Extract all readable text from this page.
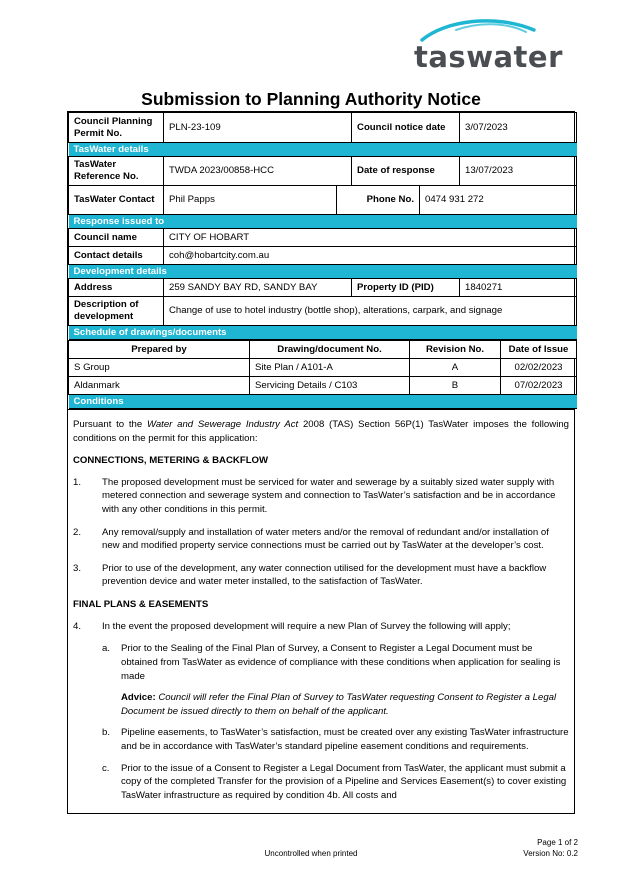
taswater
Submission to Planning Authority Notice
Council Planning Permit No.	PLN-23-109		Council notice date		3/07/2023
TasWater details					
TasWater Reference No.	TWDA 2023/00858-HCC		Date of response		13/07/2023
TasWater Contact	Phil Papps	Phone No.		0474 931 272	
Response issued to					
Council name	CITY OF HOBART				
Contact details	coh@hobartcity.com.au				
Development details					
Address	259 SANDY BAY RD, SANDY BAY		Property ID (PID)		1840271
Description of development	Change of use to hotel industry (bottle shop), alterations, carpark, and signage				
Schedule of drawings/documents					
Prepared by	Drawing/document No.	Revision No.	Date of Issue
S Group	Site Plan / A101-A	A	02/02/2023
Aldanmark	Servicing Details / C103	B	07/02/2023
Conditions			

Pursuant to the Water and Sewerage Industry Act 2008 (TAS) Section 56P(1) TasWater imposes the following conditions on the permit for this application:

CONNECTIONS, METERING & BACKFLOW
1.	The proposed development must be serviced for water and sewerage by a suitably sized water supply with metered connection and sewerage system and connection to TasWater’s satisfaction and be in accordance with any other conditions in this permit.
2.	Any removal/supply and installation of water meters and/or the removal of redundant and/or installation of new and modified property service connections must be carried out by TasWater at the developer’s cost.
3.	Prior to use of the development, any water connection utilised for the development must have a backflow prevention device and water meter installed, to the satisfaction of TasWater.
FINAL PLANS & EASEMENTS
4.	In the event the proposed development will require a new Plan of Survey the following will apply;
a.	Prior to the Sealing of the Final Plan of Survey, a Consent to Register a Legal Document must be obtained from TasWater as evidence of compliance with these conditions when application for sealing is made
Advice: Council will refer the Final Plan of Survey to TasWater requesting Consent to Register a Legal Document be issued directly to them on behalf of the applicant.
b.	Pipeline easements, to TasWater’s satisfaction, must be created over any existing TasWater infrastructure and be in accordance with TasWater’s standard pipeline easement conditions and requirements.
c.	Prior to the issue of a Consent to Register a Legal Document from TasWater, the applicant must submit a copy of the completed Transfer for the provision of a Pipeline and Services Easement(s) to cover existing TasWater infrastructure as required by condition 4b. All costs and
Page 1 of 2
Version No: 0.2
Uncontrolled when printed
